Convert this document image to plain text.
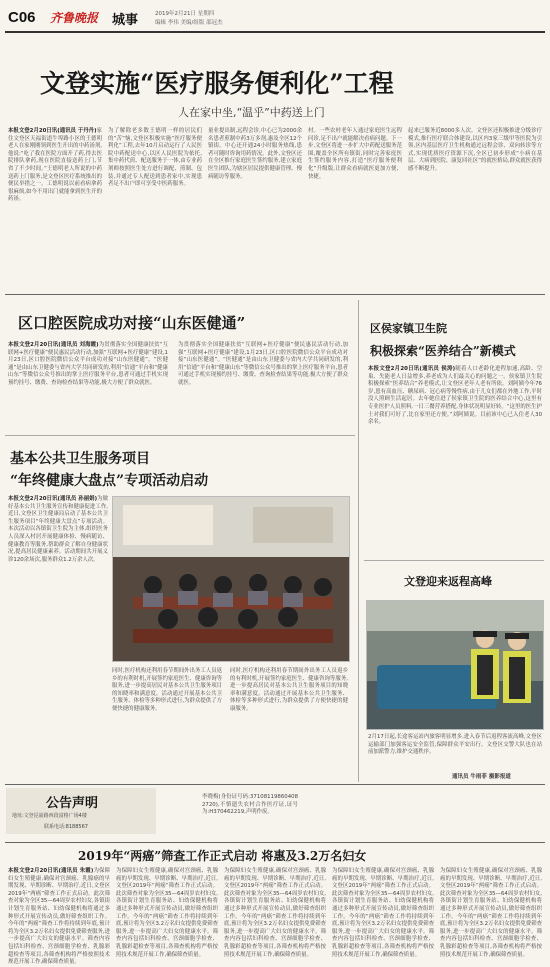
C06 齐鲁晚报 城事	2019年2月21日 星期四
编辑 李伟 美编/组版 邵冠杰
文登实施“医疗服务便利化”工程
人在家中坐,“温乎”中药送上门
本报文登2月20日讯(通讯员 于丹丹)家住文登区天福街道牛埠路小区的王德明老人在家刚刚领到医生开出的中药汤剂,他说:“吃了我在医院方面开了药,得去医院排队拿药,现在医院直接送药上门,节省了不少时间。”王德明老人所说的中药送药上门服务,是文登区医疗系统推出的便民举措之一。工德明说以前看病拿药很麻烦,如今不用出门就能拿到医生开的药汤。
为了解除老多数王德明一样的居民们的“苦”恼,文登区积极实施“医疗服务便利化”工程,去年10月启动运行了人民医院中药配送中心,以区人民医院为依托,集中药代煎、配送服务于一体,由专业药剂师按照医生处方进行调配、煎制、包装,并通过专人配送到患者家中,实现患者足不出户即可享受中医药服务。
量业提出制,远程会诊,中心已为2000余名患者煎制中药3万多剂,惠及全区12个镇街。中心还开通24小时服务热线,患者可随时咨询用药情况。此外,文登区还在全区推行家庭医生签约服务,建立家庭医生团队,为辖区居民提供健康管理、慢病随访等服务。
村。一些农村老年人通过家庭医生远程问诊,足不出户就能解决看病问题。下一步,文登区将进一步扩大中药配送服务范围,覆盖全区所有镇街,同时完善家庭医生签约服务内容,打造“医疗服务便利化”升级版,让群众看病就医更加方便、快捷。
起来已服务近8000多人次。文登区还积极推进分级诊疗模式,推行医疗联合体建设,以区内3家三级甲等医院为引领,区内基层医疗卫生机构通过远程会诊、双向转诊等方式,实现优质医疗资源下沉,全区已初步形成“小病在基层、大病到医院、康复回社区”的就医格局,群众就医获得感不断提升。
区口腔医院成功对接“山东医健通”
本报文登2月20日讯(通讯员 刘海霞)为贯彻落实全国健康扶贫“互联网+医疗健康”便民惠民活动行动,加强“互联网+医疗健康”建设,1月23日,区口腔医院微信公众平台成功对接“山东医健通”。“医健通”是由山东卫健委与省内大学共同研发的,利用“信通”平台和“健康山东”等微信公众号推出的掌上医疗服务平台,患者可通过手机实现预约挂号、缴费、查询检查结果等功能,极大方便了群众就医。
为贯彻落实全国健康扶贫“互联网+医疗健康”便民惠民活动行动,加强“互联网+医疗健康”建设,1月23日,区口腔医院微信公众平台成功对接“山东医健通”。“医健通”是由山东卫健委与省内大学共同研发的,利用“信通”平台和“健康山东”等微信公众号推出的掌上医疗服务平台,患者可通过手机实现预约挂号、缴费、查询检查结果等功能,极大方便了群众就医。
基本公共卫生服务项目
“年终健康大盘点”专项活动启动
本报文登2月20日讯(通讯员 孙丽娟)为做好基本公共卫生服务宣传和健康促进工作,近日,文登区卫生健康局启动了基本公共卫生服务项目“年终健康大盘点”专项活动。本次活动以各镇街卫生院为主体,组织医务人员深入村居开展健康体检、慢病随访、健康教育等服务,帮助群众了解自身健康状况,提高居民健康素养。活动期间共开展义诊120余场次,服务群众1.2万余人次。
同时,医疗机构还利用春节期间外出务工人员返乡的有利时机,开展签约家庭医生、健康咨询等服务,进一步提高居民对基本公共卫生服务项目的知晓率和满意度。活动通过开展基本公共卫生服务、体检等多种形式进行,为群众提供了方便快捷的健康服务。
同时,医疗机构还利用春节期间外出务工人员返乡的有利时机,开展签约家庭医生、健康咨询等服务,进一步提高居民对基本公共卫生服务项目的知晓率和满意度。活动通过开展基本公共卫生服务、体检等多种形式进行,为群众提供了方便快捷的健康服务。
区侯家镇卫生院
积极探索“医养结合”新模式
本报文登2月20日讯(通讯员 侯涛)随着人口老龄化进程加速,高龄、空巢、失能老人日益增多,养老成为人们最关心的问题之一。侯家镇卫生院积极探索“医养结合”养老模式,让文登区老年人老有所依。刘阿姨今年76岁,患有高血压、糖尿病、冠心病等慢性病,由于儿女们都在外地工作,平时没人照顾生活起居。去年她住进了侯家镇卫生院的医养结合中心,这里有专业医护人员照料,一日三餐营养搭配,身体状况明显好转。“这里的医生护士对我们可好了,比在家里还方便。”刘阿姨说。目前该中心已入住老人30余名。
文登迎来返程高峰
2月17日起,长途客运站内旅客明显增多,进入春节后返程客流高峰,文登区运输部门加强客运安全监管,保障群众平安出行。文登区交警大队也在站前加派警力,维护交通秩序。
通讯员 牛雨菲 摄影报道
公告声明
地址:文登昆嵛路西段富格广场4楼
联系电话:8188567
李晓梅(身份证号码:371081198604082720),不慎遗失农村合作医疗证,证号为:H370462219,声明作废。
2019年“两癌”筛查工作正式启动 将惠及3.2万名妇女
本报文登2月20日讯(通讯员 朱霞)为保障妇女生殖健康,确保对宫颈癌、乳腺癌的早期发现、早期诊断、早期治疗,近日,文登区2019年“两癌”筛查工作正式启动。此次筛查对象为全区35—64周岁农村妇女,各镇街计划生育服务站、妇幼保健机构将通过多种形式开展宣传动员,做好筛查组织工作。今年的“两癌”筛查工作将持续到年底,预计将为全区3.2万名妇女提供免费筛查服务,进一步提高广大妇女的健康水平。筛查内容包括妇科检查、宫颈细胞学检查、乳腺彩超检查等项目,各筛查机构将严格按照技术规范开展工作,确保筛查质量。
为保障妇女生殖健康,确保对宫颈癌、乳腺癌的早期发现、早期诊断、早期治疗,近日,文登区2019年“两癌”筛查工作正式启动。此次筛查对象为全区35—64周岁农村妇女,各镇街计划生育服务站、妇幼保健机构将通过多种形式开展宣传动员,做好筛查组织工作。今年的“两癌”筛查工作将持续到年底,预计将为全区3.2万名妇女提供免费筛查服务,进一步提高广大妇女的健康水平。筛查内容包括妇科检查、宫颈细胞学检查、乳腺彩超检查等项目,各筛查机构将严格按照技术规范开展工作,确保筛查质量。
为保障妇女生殖健康,确保对宫颈癌、乳腺癌的早期发现、早期诊断、早期治疗,近日,文登区2019年“两癌”筛查工作正式启动。此次筛查对象为全区35—64周岁农村妇女,各镇街计划生育服务站、妇幼保健机构将通过多种形式开展宣传动员,做好筛查组织工作。今年的“两癌”筛查工作将持续到年底,预计将为全区3.2万名妇女提供免费筛查服务,进一步提高广大妇女的健康水平。筛查内容包括妇科检查、宫颈细胞学检查、乳腺彩超检查等项目,各筛查机构将严格按照技术规范开展工作,确保筛查质量。
为保障妇女生殖健康,确保对宫颈癌、乳腺癌的早期发现、早期诊断、早期治疗,近日,文登区2019年“两癌”筛查工作正式启动。此次筛查对象为全区35—64周岁农村妇女,各镇街计划生育服务站、妇幼保健机构将通过多种形式开展宣传动员,做好筛查组织工作。今年的“两癌”筛查工作将持续到年底,预计将为全区3.2万名妇女提供免费筛查服务,进一步提高广大妇女的健康水平。筛查内容包括妇科检查、宫颈细胞学检查、乳腺彩超检查等项目,各筛查机构将严格按照技术规范开展工作,确保筛查质量。
为保障妇女生殖健康,确保对宫颈癌、乳腺癌的早期发现、早期诊断、早期治疗,近日,文登区2019年“两癌”筛查工作正式启动。此次筛查对象为全区35—64周岁农村妇女,各镇街计划生育服务站、妇幼保健机构将通过多种形式开展宣传动员,做好筛查组织工作。今年的“两癌”筛查工作将持续到年底,预计将为全区3.2万名妇女提供免费筛查服务,进一步提高广大妇女的健康水平。筛查内容包括妇科检查、宫颈细胞学检查、乳腺彩超检查等项目,各筛查机构将严格按照技术规范开展工作,确保筛查质量。
